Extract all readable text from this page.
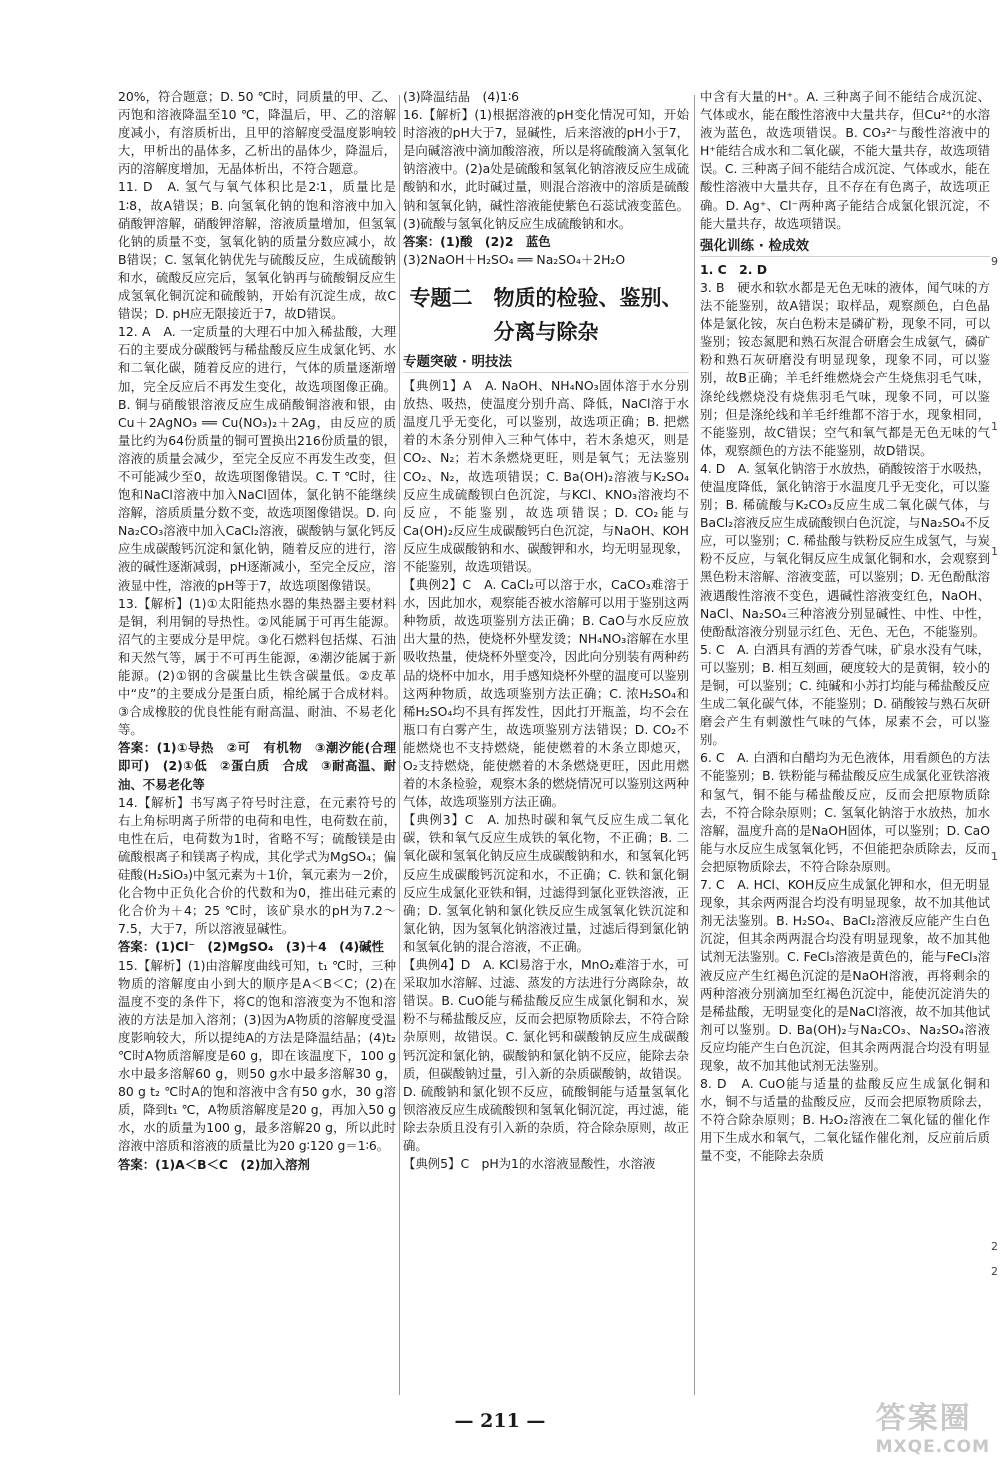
20%，符合题意；D. 50 ℃时，同质量的甲、乙、丙饱和溶液降温至10 ℃，降温后，甲、乙的溶解度减小，有溶质析出，且甲的溶解度受温度影响较大，甲析出的晶体多，乙析出的晶体少，降温后，丙的溶解度增加，无晶体析出，不符合题意。

11. D　A. 氢气与氧气体积比是2∶1，质量比是1∶8，故A错误；B. 向氢氧化钠的饱和溶液中加入硝酸钾溶解，硝酸钾溶解，溶液质量增加，但氢氧化钠的质量不变，氢氧化钠的质量分数应减小，故B错误；C. 氢氧化钠优先与硫酸反应，生成硫酸钠和水，硫酸反应完后，氢氧化钠再与硫酸铜反应生成氢氧化铜沉淀和硫酸钠，开始有沉淀生成，故C错误；D. pH应无限接近于7，故D错误。

12. A　A. 一定质量的大理石中加入稀盐酸，大理石的主要成分碳酸钙与稀盐酸反应生成氯化钙、水和二氧化碳，随着反应的进行，气体的质量逐渐增加，完全反应后不再发生变化，故选项图像正确。B. 铜与硝酸银溶液反应生成硝酸铜溶液和银，由 Cu＋2AgNO₃ ══ Cu(NO₃)₂＋2Ag，由反应的质量比约为64份质量的铜可置换出216份质量的银，溶液的质量会减少，至完全反应不再发生改变，但不可能减少至0，故选项图像错误。C. T ℃时，往饱和NaCl溶液中加入NaCl固体，氯化钠不能继续溶解，溶质质量分数不变，故选项图像错误。D. 向Na₂CO₃溶液中加入CaCl₂溶液，碳酸钠与氯化钙反应生成碳酸钙沉淀和氯化钠，随着反应的进行，溶液的碱性逐渐减弱，pH逐渐减小，至完全反应，溶液显中性，溶液的pH等于7，故选项图像错误。

13.【解析】(1)①太阳能热水器的集热器主要材料是铜，利用铜的导热性。②风能属于可再生能源。沼气的主要成分是甲烷。③化石燃料包括煤、石油和天然气等，属于不可再生能源，④潮汐能属于新能源。(2)①钢的含碳量比生铁含碳量低。②皮革中“皮”的主要成分是蛋白质，棉纶属于合成材料。③合成橡胶的优良性能有耐高温、耐油、不易老化等。

答案：(1)①导热　②可　有机物　③潮汐能(合理即可)　(2)①低　②蛋白质　合成　③耐高温、耐油、不易老化等

14.【解析】书写离子符号时注意，在元素符号的右上角标明离子所带的电荷和电性，电荷数在前，电性在后，电荷数为1时，省略不写；硫酸镁是由硫酸根离子和镁离子构成，其化学式为MgSO₄；偏硅酸(H₂SiO₃)中氢元素为＋1价，氧元素为－2价，化合物中正负化合价的代数和为0，推出硅元素的化合价为＋4；25 ℃时，该矿泉水的pH为7.2～7.5，大于7，所以溶液显碱性。

答案：(1)Cl⁻　(2)MgSO₄　(3)＋4　(4)碱性

15.【解析】(1)由溶解度曲线可知，t₁ ℃时，三种物质的溶解度由小到大的顺序是A＜B＜C；(2)在温度不变的条件下，将C的饱和溶液变为不饱和溶液的方法是加入溶剂；(3)因为A物质的溶解度受温度影响较大，所以提纯A的方法是降温结晶；(4)t₂ ℃时A物质溶解度是60 g，即在该温度下，100 g水中最多溶解60 g，则50 g水中最多溶解30 g，80 g t₂ ℃时A的饱和溶液中含有50 g水，30 g溶质，降到t₁ ℃，A物质溶解度是20 g，再加入50 g水，水的质量为100 g，最多溶解20 g，所以此时溶液中溶质和溶液的质量比为20 g∶120 g＝1∶6。

答案：(1)A＜B＜C　(2)加入溶剂

(3)降温结晶　(4)1∶6

16.【解析】(1)根据溶液的pH变化情况可知，开始时溶液的pH大于7，显碱性，后来溶液的pH小于7，是向碱溶液中滴加酸溶液，所以是将硫酸滴入氢氧化钠溶液中。(2)a处是硫酸和氢氧化钠溶液反应生成硫酸钠和水，此时碱过量，则混合溶液中的溶质是硫酸钠和氢氧化钠，碱性溶液能使紫色石蕊试液变蓝色。(3)硫酸与氢氧化钠反应生成硫酸钠和水。

答案：(1)酸　(2)2　蓝色

(3)2NaOH＋H₂SO₄ ══ Na₂SO₄＋2H₂O

专题二　物质的检验、鉴别、
分离与除杂
专题突破 · 明技法

【典例1】A　A. NaOH、NH₄NO₃固体溶于水分别放热、吸热，使温度分别升高、降低，NaCl溶于水温度几乎无变化，可以鉴别，故选项正确；B. 把燃着的木条分别伸入三种气体中，若木条熄灭，则是CO₂、N₂；若木条燃烧更旺，则是氧气；无法鉴别CO₂、N₂，故选项错误；C. Ba(OH)₂溶液与K₂SO₄反应生成硫酸钡白色沉淀，与KCl、KNO₃溶液均不反应，不能鉴别，故选项错误；D. CO₂能与Ca(OH)₂反应生成碳酸钙白色沉淀，与NaOH、KOH反应生成碳酸钠和水、碳酸钾和水，均无明显现象，不能鉴别，故选项错误。

【典例2】C　A. CaCl₂可以溶于水，CaCO₃难溶于水，因此加水，观察能否被水溶解可以用于鉴别这两种物质，故选项鉴别方法正确；B. CaO与水反应放出大量的热，使烧杯外壁发烫；NH₄NO₃溶解在水里吸收热量，使烧杯外壁变冷，因此向分别装有两种药品的烧杯中加水，用手感知烧杯外壁的温度可以鉴别这两种物质，故选项鉴别方法正确；C. 浓H₂SO₄和稀H₂SO₄均不具有挥发性，因此打开瓶盖，均不会在瓶口有白雾产生，故选项鉴别方法错误；D. CO₂不能燃烧也不支持燃烧，能使燃着的木条立即熄灭，O₂支持燃烧，能使燃着的木条燃烧更旺，因此用燃着的木条检验，观察木条的燃烧情况可以鉴别这两种气体，故选项鉴别方法正确。

【典例3】C　A. 加热时碳和氧气反应生成二氧化碳，铁和氧气反应生成铁的氧化物，不正确；B. 二氧化碳和氢氧化钠反应生成碳酸钠和水，和氢氧化钙反应生成碳酸钙沉淀和水，不正确；C. 铁和氯化铜反应生成氯化亚铁和铜，过滤得到氯化亚铁溶液，正确；D. 氢氧化钠和氯化铁反应生成氢氧化铁沉淀和氯化钠，因为氢氧化钠溶液过量，过滤后得到氯化钠和氢氧化钠的混合溶液，不正确。

【典例4】D　A. KCl易溶于水，MnO₂难溶于水，可采取加水溶解、过滤、蒸发的方法进行分离除杂，故错误。B. CuO能与稀盐酸反应生成氯化铜和水，炭粉不与稀盐酸反应，反而会把原物质除去，不符合除杂原则，故错误。C. 氯化钙和碳酸钠反应生成碳酸钙沉淀和氯化钠，碳酸钠和氯化钠不反应，能除去杂质，但碳酸钠过量，引入新的杂质碳酸钠，故错误。D. 硫酸钠和氯化钡不反应，硫酸铜能与适量氢氧化钡溶液反应生成硫酸钡和氢氧化铜沉淀，再过滤，能除去杂质且没有引入新的杂质，符合除杂原则，故正确。

【典例5】C　pH为1的水溶液显酸性，水溶液

中含有大量的H⁺。A. 三种离子间不能结合成沉淀、气体或水，能在酸性溶液中大量共存，但Cu²⁺的水溶液为蓝色，故选项错误。B. CO₃²⁻与酸性溶液中的H⁺能结合成水和二氧化碳，不能大量共存，故选项错误。C. 三种离子间不能结合成沉淀、气体或水，能在酸性溶液中大量共存，且不存在有色离子，故选项正确。D. Ag⁺、Cl⁻两种离子能结合成氯化银沉淀，不能大量共存，故选项错误。

强化训练 · 检成效

1. C　2. D

3. B　硬水和软水都是无色无味的液体，闻气味的方法不能鉴别，故A错误；取样品，观察颜色，白色晶体是氯化铵，灰白色粉末是磷矿粉，现象不同，可以鉴别；铵态氮肥和熟石灰混合研磨会生成氨气，磷矿粉和熟石灰研磨没有明显现象，现象不同，可以鉴别，故B正确；羊毛纤维燃烧会产生烧焦羽毛气味，涤纶线燃烧没有烧焦羽毛气味，现象不同，可以鉴别；但是涤纶线和羊毛纤维都不溶于水，现象相同，不能鉴别，故C错误；空气和氧气都是无色无味的气体，观察颜色的方法不能鉴别，故D错误。

4. D　A. 氢氧化钠溶于水放热，硝酸铵溶于水吸热，使温度降低，氯化钠溶于水温度几乎无变化，可以鉴别；B. 稀硫酸与K₂CO₃反应生成二氧化碳气体，与BaCl₂溶液反应生成硫酸钡白色沉淀，与Na₂SO₄不反应，可以鉴别；C. 稀盐酸与铁粉反应生成氢气，与炭粉不反应，与氧化铜反应生成氯化铜和水，会观察到黑色粉末溶解、溶液变蓝，可以鉴别；D. 无色酚酞溶液遇酸性溶液不变色，遇碱性溶液变红色，NaOH、NaCl、Na₂SO₄三种溶液分别显碱性、中性、中性，使酚酞溶液分别显示红色、无色、无色，不能鉴别。

5. C　A. 白酒具有酒的芳香气味，矿泉水没有气味，可以鉴别；B. 相互刻画，硬度较大的是黄铜，较小的是铜，可以鉴别；C. 纯碱和小苏打均能与稀盐酸反应生成二氧化碳气体，不能鉴别；D. 硝酸铵与熟石灰研磨会产生有刺激性气味的气体，尿素不会，可以鉴别。

6. C　A. 白酒和白醋均为无色液体，用看颜色的方法不能鉴别；B. 铁粉能与稀盐酸反应生成氯化亚铁溶液和氢气，铜不能与稀盐酸反应，反而会把原物质除去，不符合除杂原则；C. 氢氧化钠溶于水放热，加水溶解，温度升高的是NaOH固体，可以鉴别；D. CaO能与水反应生成氢氧化钙，不但能把杂质除去，反而会把原物质除去，不符合除杂原则。

7. C　A. HCl、KOH反应生成氯化钾和水，但无明显现象，其余两两混合均没有明显现象，故不加其他试剂无法鉴别。B. H₂SO₄、BaCl₂溶液反应能产生白色沉淀，但其余两两混合均没有明显现象，故不加其他试剂无法鉴别。C. FeCl₃溶液是黄色的，能与FeCl₃溶液反应产生红褐色沉淀的是NaOH溶液，再将剩余的两种溶液分别滴加至红褐色沉淀中，能使沉淀消失的是稀盐酸，无明显变化的是NaCl溶液，故不加其他试剂可以鉴别。D. Ba(OH)₂与Na₂CO₃、Na₂SO₄溶液反应均能产生白色沉淀，但其余两两混合均没有明显现象，故不加其他试剂无法鉴别。

8. D　A. CuO能与适量的盐酸反应生成氯化铜和水，铜不与适量的盐酸反应，反而会把原物质除去，不符合除杂原则；B. H₂O₂溶液在二氧化锰的催化作用下生成水和氧气，二氧化锰作催化剂，反应前后质量不变，不能除去杂质

9
1
1
1
2
2
— 211 —	答案圈
MXQE.COM
